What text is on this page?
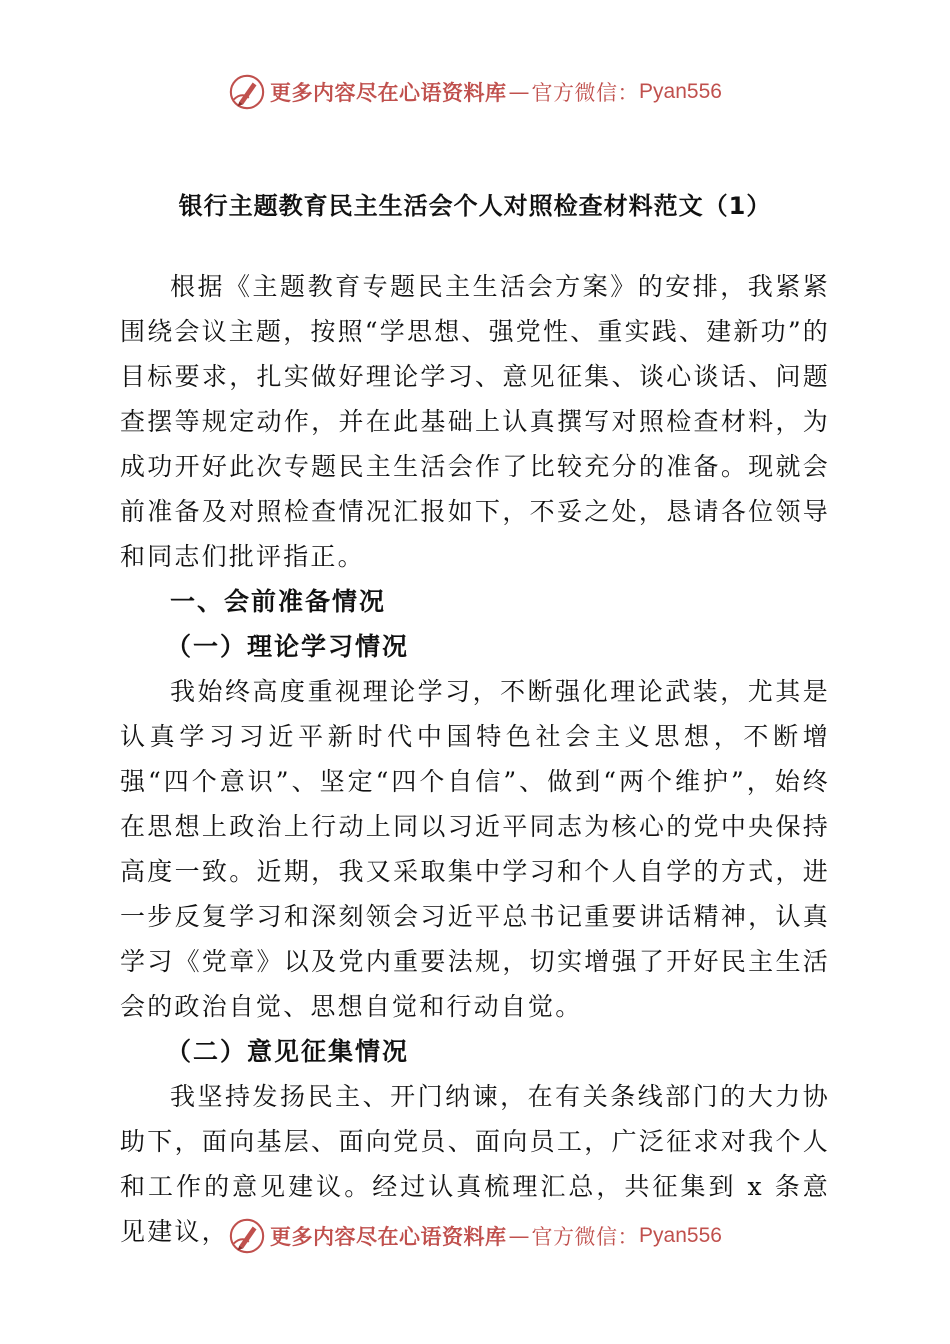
更多内容尽在心语资料库 — 官方微信： Pyan556
银行主题教育民主生活会个人对照检查材料范文（1）

根据《主题教育专题民主生活会方案》的安排，我紧紧围绕会议主题，按照“学思想、强党性、重实践、建新功”的目标要求，扎实做好理论学习、意见征集、谈心谈话、问题查摆等规定动作，并在此基础上认真撰写对照检查材料，为成功开好此次专题民主生活会作了比较充分的准备。现就会前准备及对照检查情况汇报如下，不妥之处，恳请各位领导和同志们批评指正。

一、会前准备情况
（一）理论学习情况

我始终高度重视理论学习，不断强化理论武装，尤其是认真学习习近平新时代中国特色社会主义思想，不断增强“四个意识”、坚定“四个自信”、做到“两个维护”，始终在思想上政治上行动上同以习近平同志为核心的党中央保持高度一致。近期，我又采取集中学习和个人自学的方式，进一步反复学习和深刻领会习近平总书记重要讲话精神，认真学习《党章》以及党内重要法规，切实增强了开好民主生活会的政治自觉、思想自觉和行动自觉。

（二）意见征集情况

我坚持发扬民主、开门纳谏，在有关条线部门的大力协助下，面向基层、面向党员、面向员工，广泛征求对我个人和工作的意见建议。经过认真梳理汇总，共征集到 x 条意见建议，	更多内容尽在心语资料库 — 官方微信： Pyan556
